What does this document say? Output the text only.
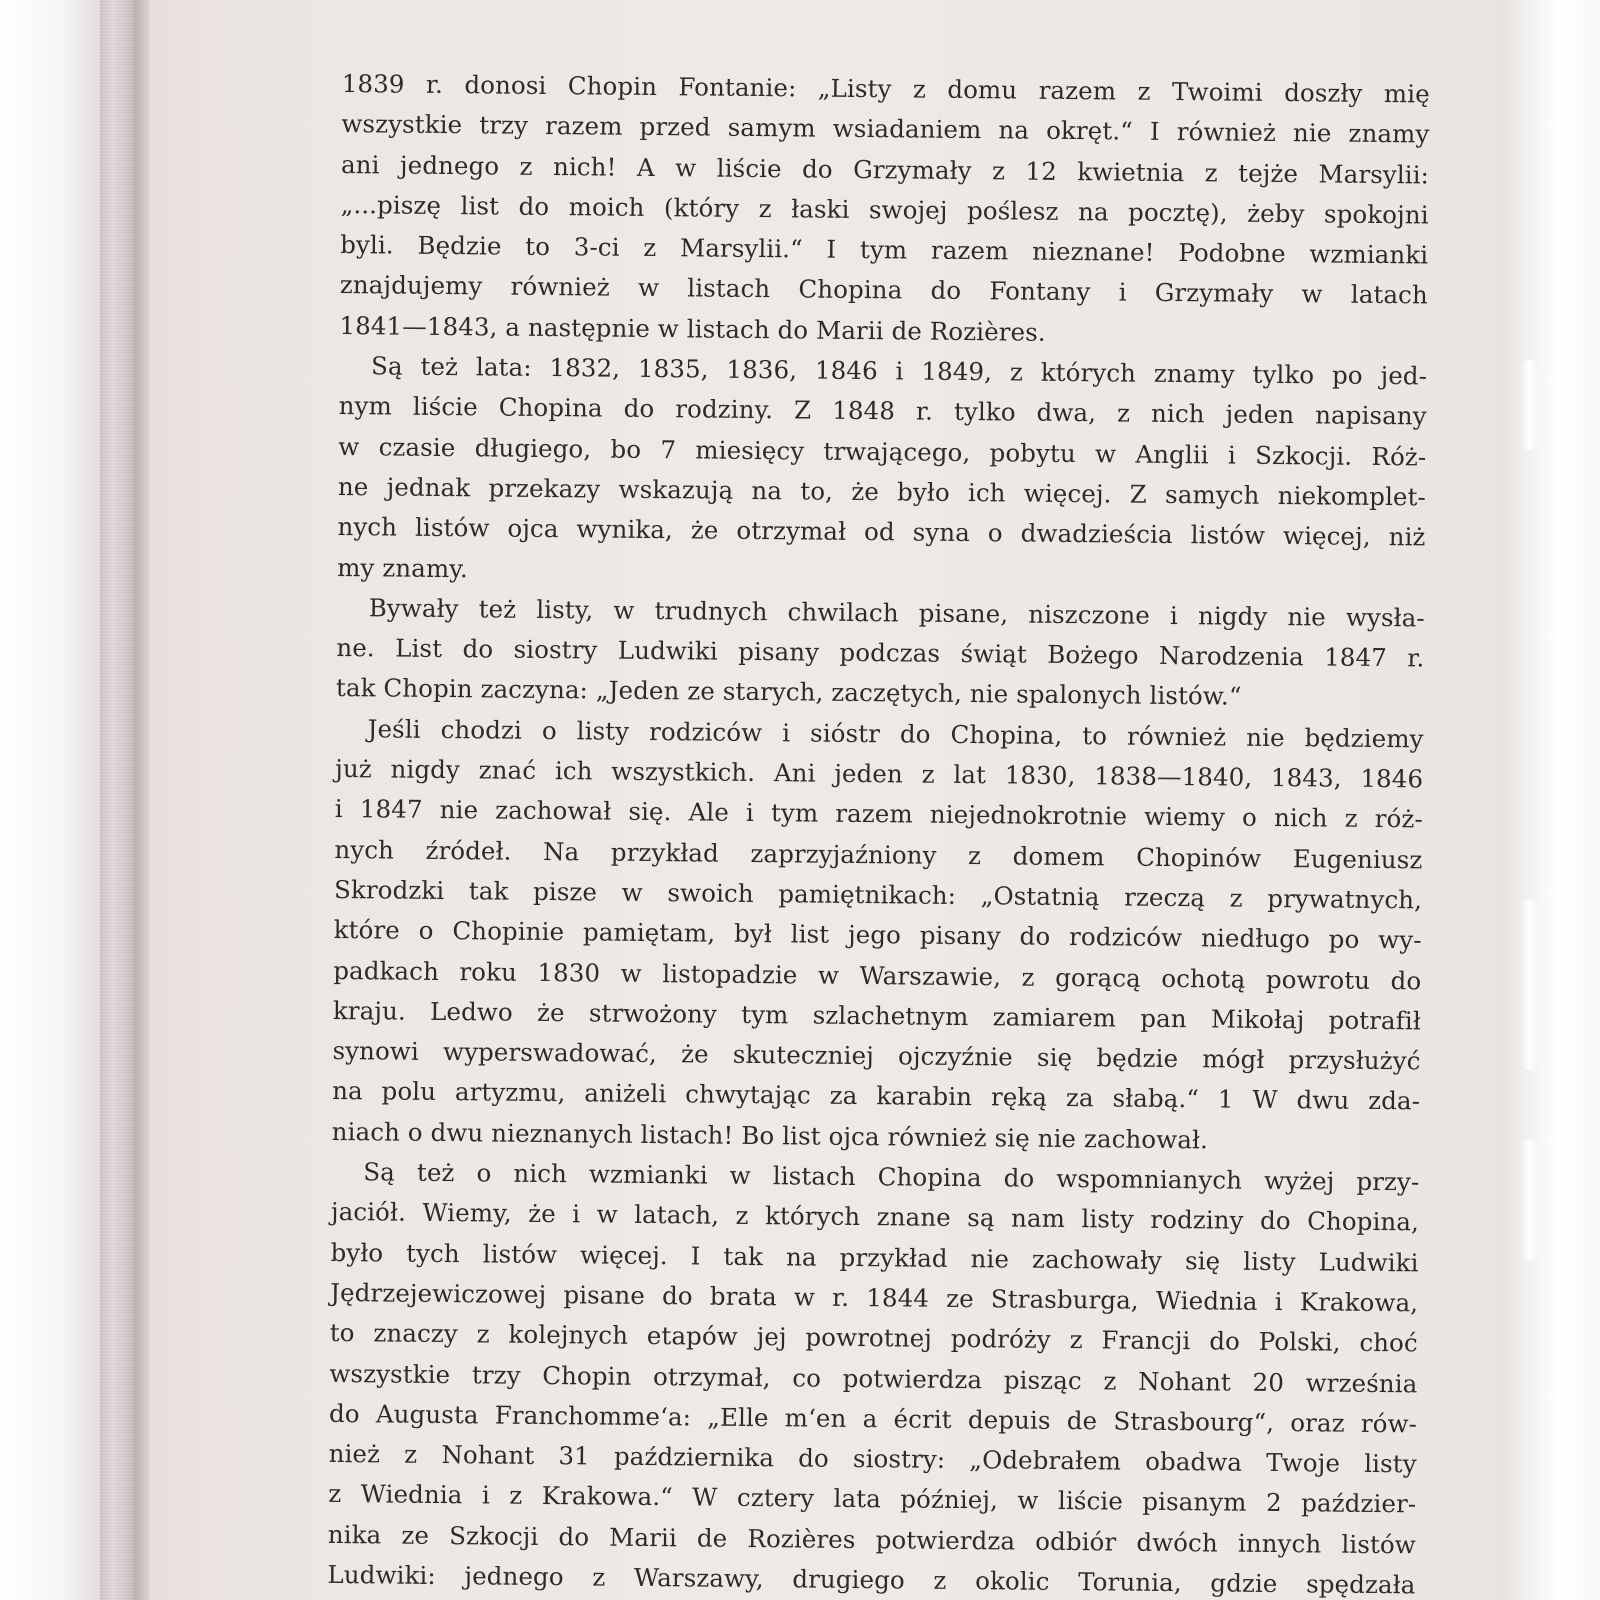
1839 r. donosi Chopin Fontanie: „Listy z domu razem z Twoimi doszły mię
wszystkie trzy razem przed samym wsiadaniem na okręt.“ I również nie znamy
ani jednego z nich! A w liście do Grzymały z 12 kwietnia z tejże Marsylii:
„...piszę list do moich (który z łaski swojej poślesz na pocztę), żeby spokojni
byli. Będzie to 3-ci z Marsylii.“ I tym razem nieznane! Podobne wzmianki
znajdujemy również w listach Chopina do Fontany i Grzymały w latach
1841—1843, a następnie w listach do Marii de Rozières.
Są też lata: 1832, 1835, 1836, 1846 i 1849, z których znamy tylko po jed-
nym liście Chopina do rodziny. Z 1848 r. tylko dwa, z nich jeden napisany
w czasie długiego, bo 7 miesięcy trwającego, pobytu w Anglii i Szkocji. Róż-
ne jednak przekazy wskazują na to, że było ich więcej. Z samych niekomplet-
nych listów ojca wynika, że otrzymał od syna o dwadzieścia listów więcej, niż
my znamy.
Bywały też listy, w trudnych chwilach pisane, niszczone i nigdy nie wysła-
ne. List do siostry Ludwiki pisany podczas świąt Bożego Narodzenia 1847 r.
tak Chopin zaczyna: „Jeden ze starych, zaczętych, nie spalonych listów.“
Jeśli chodzi o listy rodziców i sióstr do Chopina, to również nie będziemy
już nigdy znać ich wszystkich. Ani jeden z lat 1830, 1838—1840, 1843, 1846
i 1847 nie zachował się. Ale i tym razem niejednokrotnie wiemy o nich z róż-
nych źródeł. Na przykład zaprzyjaźniony z domem Chopinów Eugeniusz
Skrodzki tak pisze w swoich pamiętnikach: „Ostatnią rzeczą z prywatnych,
które o Chopinie pamiętam, był list jego pisany do rodziców niedługo po wy-
padkach roku 1830 w listopadzie w Warszawie, z gorącą ochotą powrotu do
kraju. Ledwo że strwożony tym szlachetnym zamiarem pan Mikołaj potrafił
synowi wyperswadować, że skuteczniej ojczyźnie się będzie mógł przysłużyć
na polu artyzmu, aniżeli chwytając za karabin ręką za słabą.“ 1 W dwu zda-
niach o dwu nieznanych listach! Bo list ojca również się nie zachował.
Są też o nich wzmianki w listach Chopina do wspomnianych wyżej przy-
jaciół. Wiemy, że i w latach, z których znane są nam listy rodziny do Chopina,
było tych listów więcej. I tak na przykład nie zachowały się listy Ludwiki
Jędrzejewiczowej pisane do brata w r. 1844 ze Strasburga, Wiednia i Krakowa,
to znaczy z kolejnych etapów jej powrotnej podróży z Francji do Polski, choć
wszystkie trzy Chopin otrzymał, co potwierdza pisząc z Nohant 20 września
do Augusta Franchomme‘a: „Elle m‘en a écrit depuis de Strasbourg“, oraz rów-
nież z Nohant 31 października do siostry: „Odebrałem obadwa Twoje listy
z Wiednia i z Krakowa.“ W cztery lata później, w liście pisanym 2 paździer-
nika ze Szkocji do Marii de Rozières potwierdza odbiór dwóch innych listów
Ludwiki: jednego z Warszawy, drugiego z okolic Torunia, gdzie spędzała
